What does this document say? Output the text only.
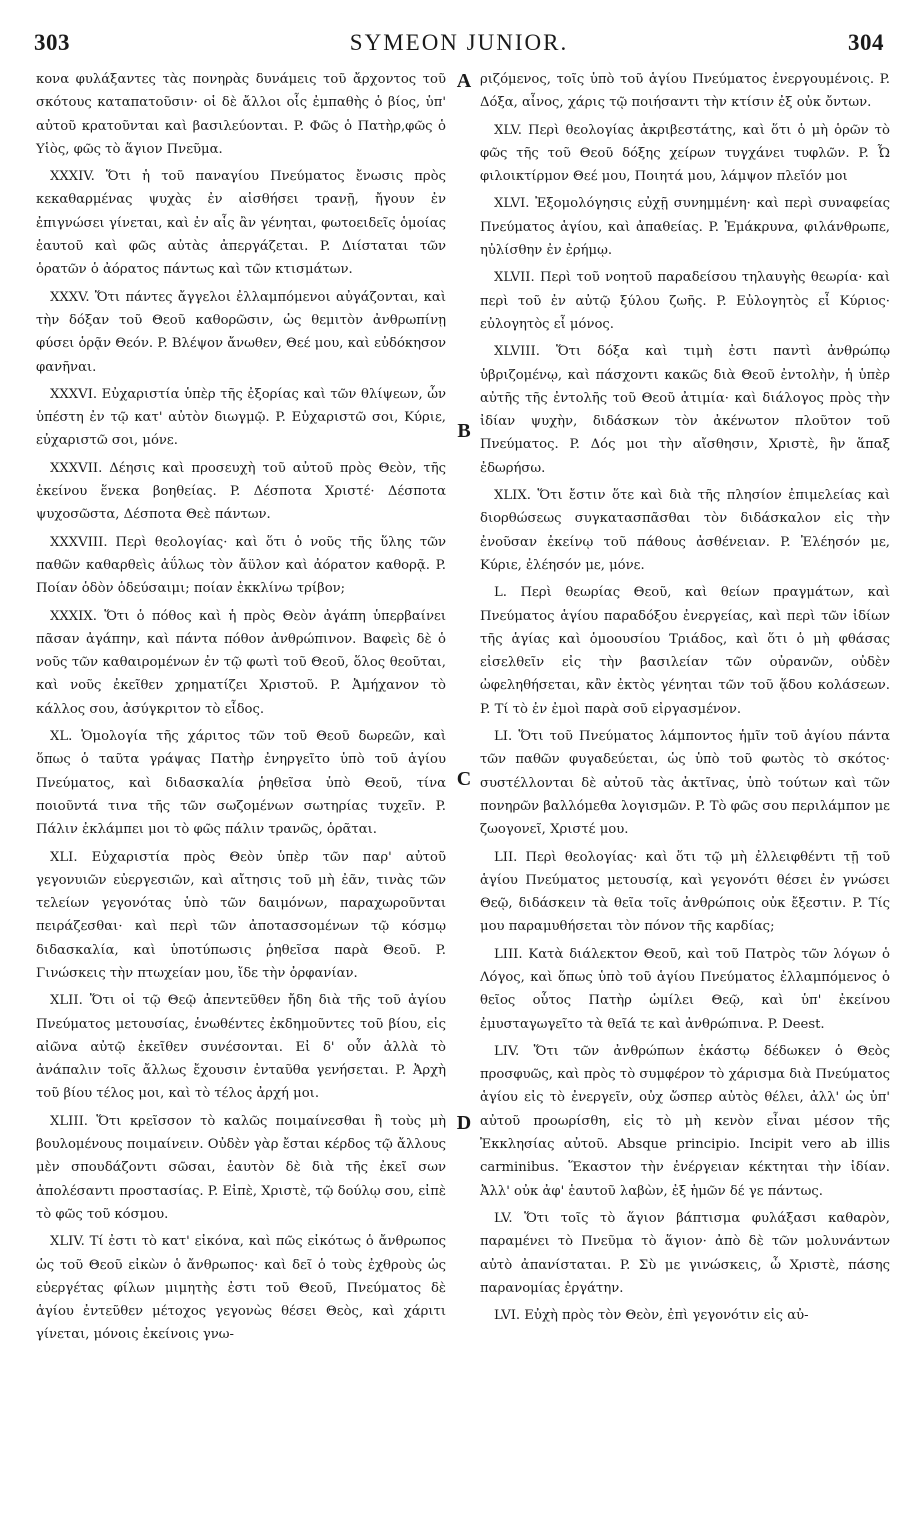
303	SYMEON JUNIOR.	304
A
B
C
D

κονα φυλάξαντες τὰς πονηρὰς δυνάμεις τοῦ ἄρχοντος τοῦ σκότους καταπατοῦσιν· οἱ δὲ ἄλλοι οἷς ἐμπαθὴς ὁ βίος, ὑπ' αὐτοῦ κρατοῦνται καὶ βασιλεύονται. P. Φῶς ὁ Πατὴρ,φῶς ὁ Υἱὸς, φῶς τὸ ἅγιον Πνεῦμα.

XXXIV. Ὅτι ἡ τοῦ παναγίου Πνεύματος ἔνωσις πρὸς κεκαθαρμένας ψυχὰς ἐν αἰσθήσει τρανῇ, ἤγουν ἐν ἐπιγνώσει γίνεται, καὶ ἐν αἷς ἂν γένηται, φωτοειδεῖς ὁμοίας ἑαυτοῦ καὶ φῶς αὐτὰς ἀπεργάζεται. P. Διίσταται τῶν ὁρατῶν ὁ ἀόρατος πάντως καὶ τῶν κτισμάτων.

XXXV. Ὅτι πάντες ἄγγελοι ἐλλαμπόμενοι αὐγάζονται, καὶ τὴν δόξαν τοῦ Θεοῦ καθορῶσιν, ὡς θεμιτὸν ἀνθρωπίνῃ φύσει ὁρᾷν Θεόν. P. Βλέψον ἄνωθεν, Θεέ μου, καὶ εὐδόκησον φανῆναι.

XXXVI. Εὐχαριστία ὑπὲρ τῆς ἐξορίας καὶ τῶν θλίψεων, ὧν ὑπέστη ἐν τῷ κατ' αὐτὸν διωγμῷ. P. Εὐχαριστῶ σοι, Κύριε, εὐχαριστῶ σοι, μόνε.

XXXVII. Δέησις καὶ προσευχὴ τοῦ αὐτοῦ πρὸς Θεὸν, τῆς ἐκείνου ἕνεκα βοηθείας. P. Δέσποτα Χριστέ· Δέσποτα ψυχοσῶστα, Δέσποτα Θεὲ πάντων.

XXXVIII. Περὶ θεολογίας· καὶ ὅτι ὁ νοῦς τῆς ὕλης τῶν παθῶν καθαρθεὶς ἀΰλως τὸν ἄϋλον καὶ ἀόρατον καθορᾷ. P. Ποίαν ὁδὸν ὁδεύσαιμι; ποίαν ἐκκλίνω τρίβον;

XXXIX. Ὅτι ὁ πόθος καὶ ἡ πρὸς Θεὸν ἀγάπη ὑπερβαίνει πᾶσαν ἀγάπην, καὶ πάντα πόθον ἀνθρώπινον. Βαφεὶς δὲ ὁ νοῦς τῶν καθαιρομένων ἐν τῷ φωτὶ τοῦ Θεοῦ, ὅλος θεοῦται, καὶ νοῦς ἐκεῖθεν χρηματίζει Χριστοῦ. P. Ἀμήχανον τὸ κάλλος σου, ἀσύγκριτον τὸ εἶδος.

XL. Ὁμολογία τῆς χάριτος τῶν τοῦ Θεοῦ δωρεῶν, καὶ ὅπως ὁ ταῦτα γράψας Πατὴρ ἐνηργεῖτο ὑπὸ τοῦ ἁγίου Πνεύματος, καὶ διδασκαλία ῥηθεῖσα ὑπὸ Θεοῦ, τίνα ποιοῦντά τινα τῆς τῶν σωζομένων σωτηρίας τυχεῖν. P. Πάλιν ἐκλάμπει μοι τὸ φῶς πάλιν τρανῶς, ὁρᾶται.

XLI. Εὐχαριστία πρὸς Θεὸν ὑπὲρ τῶν παρ' αὐτοῦ γεγονυιῶν εὐεργεσιῶν, καὶ αἴτησις τοῦ μὴ ἐᾶν, τινὰς τῶν τελείων γεγονότας ὑπὸ τῶν δαιμόνων, παραχωροῦνται πειράζεσθαι· καὶ περὶ τῶν ἀποτασσομένων τῷ κόσμῳ διδασκαλία, καὶ ὑποτύπωσις ῥηθεῖσα παρὰ Θεοῦ. P. Γινώσκεις τὴν πτωχείαν μου, ἴδε τὴν ὀρφανίαν.

XLII. Ὅτι οἱ τῷ Θεῷ ἀπεντεῦθεν ἤδη διὰ τῆς τοῦ ἁγίου Πνεύματος μετουσίας, ἑνωθέντες ἐκδημοῦντες τοῦ βίου, εἰς αἰῶνα αὐτῷ ἐκεῖθεν συνέσονται. Εἰ δ' οὖν ἀλλὰ τὸ ἀνάπαλιν τοῖς ἄλλως ἔχουσιν ἐνταῦθα γενήσεται. P. Ἀρχὴ τοῦ βίου τέλος μοι, καὶ τὸ τέλος ἀρχή μοι.

XLIII. Ὅτι κρεῖσσον τὸ καλῶς ποιμαίνεσθαι ἢ τοὺς μὴ βουλομένους ποιμαίνειν. Οὐδὲν γὰρ ἔσται κέρδος τῷ ἄλλους μὲν σπουδάζοντι σῶσαι, ἑαυτὸν δὲ διὰ τῆς ἐκεῖ σων ἀπολέσαντι προστασίας. P. Εἰπὲ, Χριστὲ, τῷ δούλῳ σου, εἰπὲ τὸ φῶς τοῦ κόσμου.

XLIV. Τί ἐστι τὸ κατ' εἰκόνα, καὶ πῶς εἰκότως ὁ ἄνθρωπος ὡς τοῦ Θεοῦ εἰκὼν ὁ ἄνθρωπος· καὶ δεῖ ὁ τοὺς ἐχθροὺς ὡς εὐεργέτας φίλων μιμητὴς ἐστι τοῦ Θεοῦ, Πνεύματος δὲ ἁγίου ἐντεῦθεν μέτοχος γεγονὼς θέσει Θεὸς, καὶ χάριτι γίνεται, μόνοις ἐκείνοις γνω-

ριζόμενος, τοῖς ὑπὸ τοῦ ἁγίου Πνεύματος ἐνεργουμένοις. P. Δόξα, αἶνος, χάρις τῷ ποιήσαντι τὴν κτίσιν ἐξ οὐκ ὄντων.

XLV. Περὶ θεολογίας ἀκριβεστάτης, καὶ ὅτι ὁ μὴ ὁρῶν τὸ φῶς τῆς τοῦ Θεοῦ δόξης χείρων τυγχάνει τυφλῶν. P. Ὦ φιλοικτίρμον Θεέ μου, Ποιητά μου, λάμψον πλεῖόν μοι

XLVI. Ἐξομολόγησις εὐχῇ συνημμένη· καὶ περὶ συναφείας Πνεύματος ἁγίου, καὶ ἀπαθείας. P. Ἐμάκρυνα, φιλάνθρωπε, ηὐλίσθην ἐν ἐρήμῳ.

XLVII. Περὶ τοῦ νοητοῦ παραδείσου τηλαυγὴς θεωρία· καὶ περὶ τοῦ ἐν αὐτῷ ξύλου ζωῆς. P. Εὐλογητὸς εἶ Κύριος· εὐλογητὸς εἶ μόνος.

XLVIII. Ὅτι δόξα καὶ τιμὴ ἐστι παντὶ ἀνθρώπῳ ὑβριζομένῳ, καὶ πάσχοντι κακῶς διὰ Θεοῦ ἐντολὴν, ἡ ὑπὲρ αὐτῆς τῆς ἐντολῆς τοῦ Θεοῦ ἀτιμία· καὶ διάλογος πρὸς τὴν ἰδίαν ψυχὴν, διδάσκων τὸν ἀκένωτον πλοῦτον τοῦ Πνεύματος. P. Δός μοι τὴν αἴσθησιν, Χριστὲ, ἣν ἅπαξ ἐδωρήσω.

XLIX. Ὅτι ἔστιν ὅτε καὶ διὰ τῆς πλησίον ἐπιμελείας καὶ διορθώσεως συγκατασπᾶσθαι τὸν διδάσκαλον εἰς τὴν ἐνοῦσαν ἐκείνῳ τοῦ πάθους ἀσθένειαν. P. Ἐλέησόν με, Κύριε, ἐλέησόν με, μόνε.

L. Περὶ θεωρίας Θεοῦ, καὶ θείων πραγμάτων, καὶ Πνεύματος ἁγίου παραδόξου ἐνεργείας, καὶ περὶ τῶν ἰδίων τῆς ἁγίας καὶ ὁμοουσίου Τριάδος, καὶ ὅτι ὁ μὴ φθάσας εἰσελθεῖν εἰς τὴν βασιλείαν τῶν οὐρανῶν, οὐδὲν ὠφεληθήσεται, κἂν ἐκτὸς γένηται τῶν τοῦ ᾅδου κολάσεων. P. Τί τὸ ἐν ἐμοὶ παρὰ σοῦ εἰργασμένον.

LI. Ὅτι τοῦ Πνεύματος λάμποντος ἡμῖν τοῦ ἁγίου πάντα τῶν παθῶν φυγαδεύεται, ὡς ὑπὸ τοῦ φωτὸς τὸ σκότος· συστέλλονται δὲ αὐτοῦ τὰς ἀκτῖνας, ὑπὸ τούτων καὶ τῶν πονηρῶν βαλλόμεθα λογισμῶν. P. Τὸ φῶς σου περιλάμπον με ζωογονεῖ, Χριστέ μου.

LII. Περὶ θεολογίας· καὶ ὅτι τῷ μὴ ἐλλειφθέντι τῇ τοῦ ἁγίου Πνεύματος μετουσίᾳ, καὶ γεγονότι θέσει ἐν γνώσει Θεῷ, διδάσκειν τὰ θεῖα τοῖς ἀνθρώποις οὐκ ἔξεστιν. P. Τίς μου παραμυθήσεται τὸν πόνον τῆς καρδίας;

LIII. Κατὰ διάλεκτον Θεοῦ, καὶ τοῦ Πατρὸς τῶν λόγων ὁ Λόγος, καὶ ὅπως ὑπὸ τοῦ ἁγίου Πνεύματος ἐλλαμπόμενος ὁ θεῖος οὗτος Πατὴρ ὡμίλει Θεῷ, καὶ ὑπ' ἐκείνου ἐμυσταγωγεῖτο τὰ θεῖά τε καὶ ἀνθρώπινα. P. Deest.

LIV. Ὅτι τῶν ἀνθρώπων ἑκάστῳ δέδωκεν ὁ Θεὸς προσφυῶς, καὶ πρὸς τὸ συμφέρον τὸ χάρισμα διὰ Πνεύματος ἁγίου εἰς τὸ ἐνεργεῖν, οὐχ ὥσπερ αὐτὸς θέλει, ἀλλ' ὡς ὑπ' αὐτοῦ προωρίσθη, εἰς τὸ μὴ κενὸν εἶναι μέσον τῆς Ἐκκλησίας αὐτοῦ. Absque principio. Incipit vero ab illis carminibus. Ἕκαστον τὴν ἐνέργειαν κέκτηται τὴν ἰδίαν. Ἀλλ' οὐκ ἀφ' ἑαυτοῦ λαβὼν, ἐξ ἡμῶν δέ γε πάντως.

LV. Ὅτι τοῖς τὸ ἅγιον βάπτισμα φυλάξασι καθαρὸν, παραμένει τὸ Πνεῦμα τὸ ἅγιον· ἀπὸ δὲ τῶν μολυνάντων αὐτὸ ἀπανίσταται. P. Σὺ με γινώσκεις, ὦ Χριστὲ, πάσης παρανομίας ἐργάτην.

LVI. Εὐχὴ πρὸς τὸν Θεὸν, ἐπὶ γεγονότιν εἰς αὐ-
